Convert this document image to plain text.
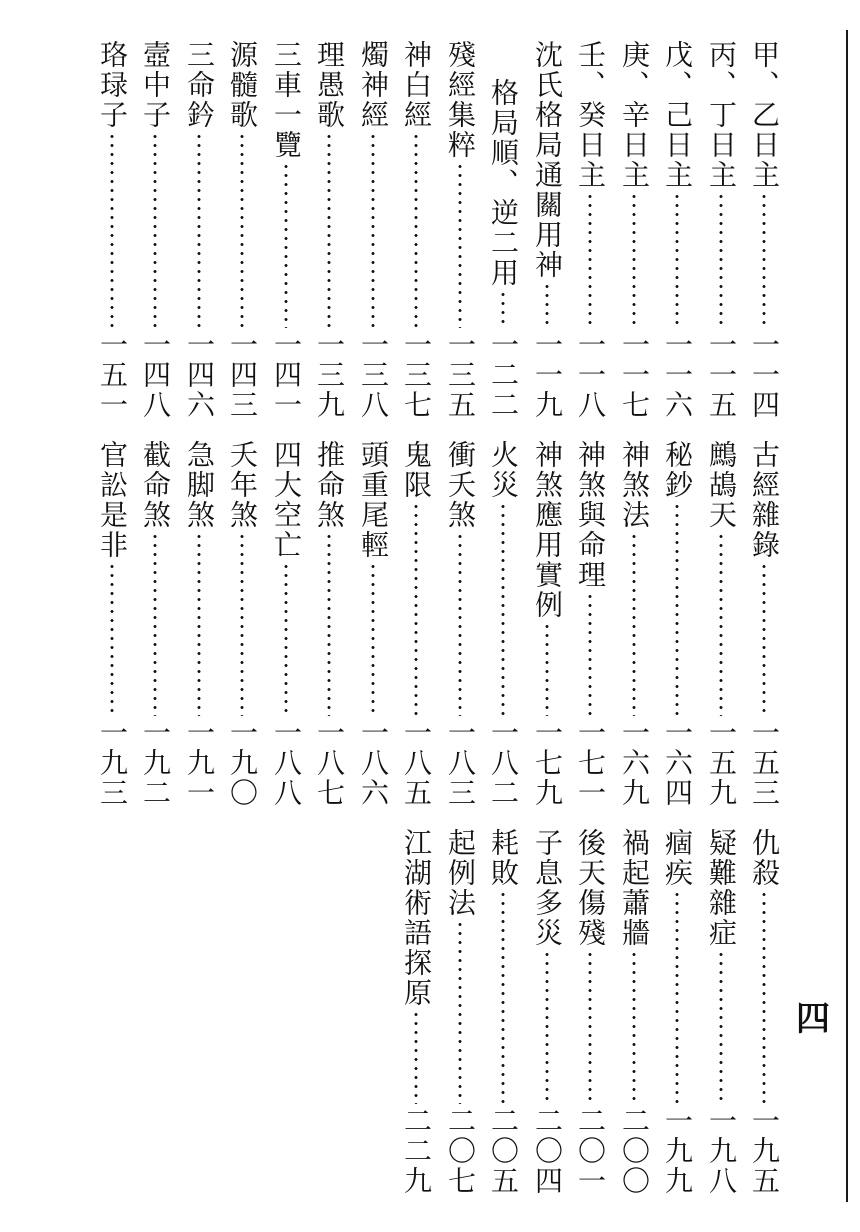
四
甲、乙日主
一一四
丙、丁日主
一一五
戊、己日主
一一六
庚、辛日主
一一七
壬、癸日主
一一八
沈氏格局通關用神
一一九
格局順、逆二用
一二二
殘經集粹
一三五
神白經
一三七
燭神經
一三八
理愚歌
一三九
三車一覽
一四一
源髓歌
一四三
三命鈐
一四六
壼中子
一四八
珞琭子
一五一
古經雜錄
一五三
鷓鴣天
一五九
秘鈔
一六四
神煞法
一六九
神煞與命理
一七一
神煞應用實例
一七九
火災
一八二
衝夭煞
一八三
鬼限
一八五
頭重尾輕
一八六
推命煞
一八七
四大空亡
一八八
夭年煞
一九〇
急脚煞
一九一
截命煞
一九二
官訟是非
一九三
仇殺
一九五
疑難雜症
一九八
痼疾
一九九
禍起蕭牆
二〇〇
後天傷殘
二〇一
子息多災
二〇四
耗敗
二〇五
起例法
二〇七
江湖術語探原
二二九
